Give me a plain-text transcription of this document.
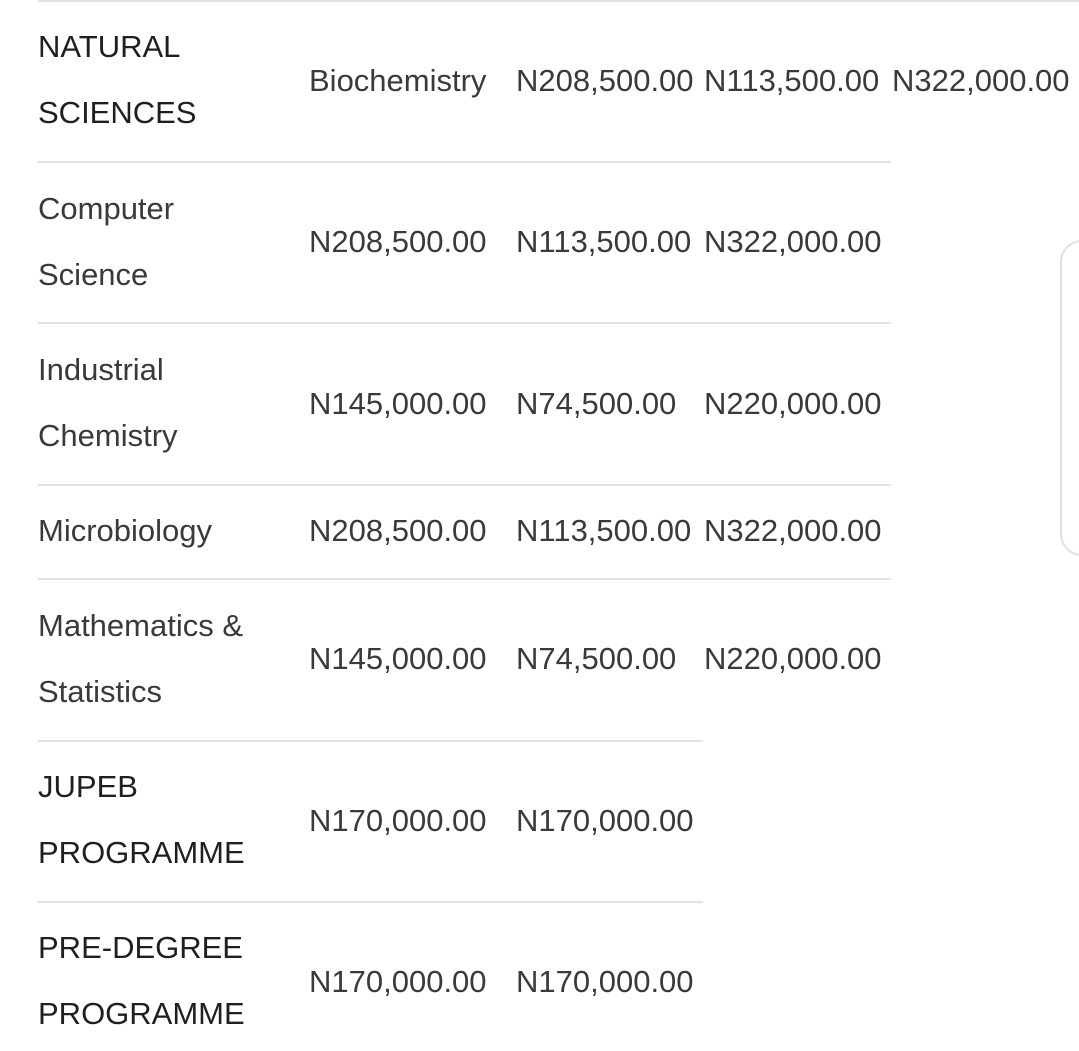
NATURAL
SCIENCES
Biochemistry N208,500.00 N113,500.00 N322,000.00
Computer
Science
N208,500.00 N113,500.00 N322,000.00
Industrial
Chemistry
N145,000.00 N74,500.00 N220,000.00
Microbiology	N208,500.00 N113,500.00 N322,000.00
Mathematics &
Statistics
N145,000.00 N74,500.00 N220,000.00
JUPEB
PROGRAMME
N170,000.00 N170,000.00
PRE-DEGREE
PROGRAMME
N170,000.00 N170,000.00
